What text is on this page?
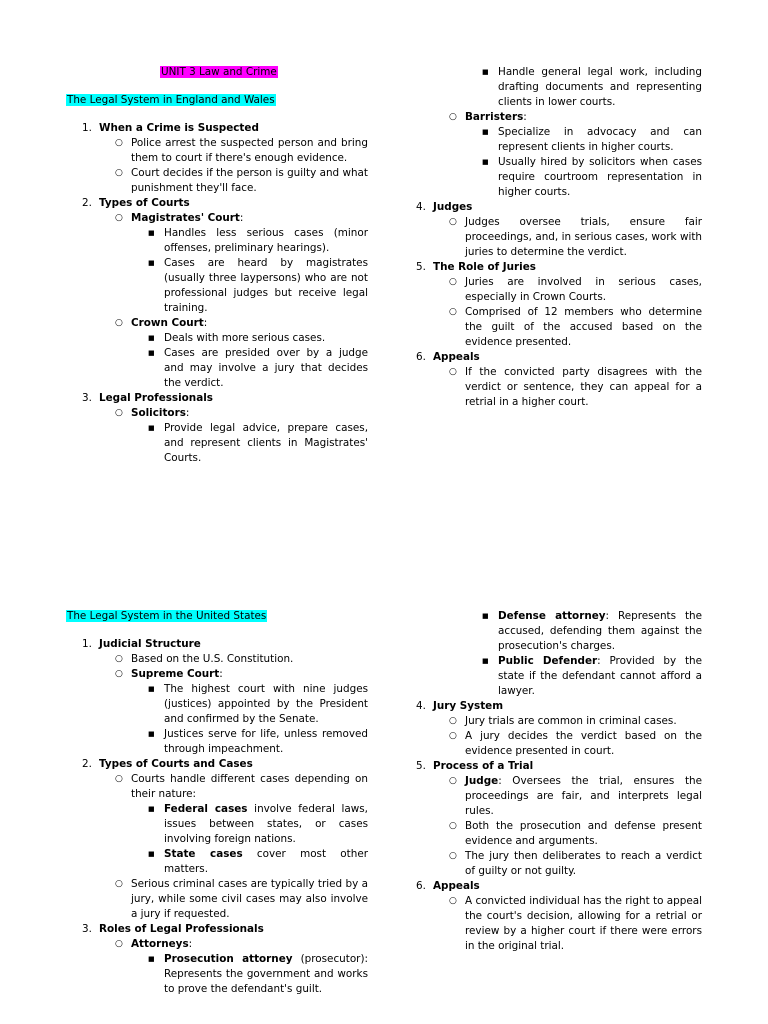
UNIT 3 Law and Crime
The Legal System in England and Wales
1. When a Crime is Suspected
○ Police arrest the suspected person and bring them to court if there's enough evidence.
○ Court decides if the person is guilty and what punishment they'll face.
2. Types of Courts
○ Magistrates' Court:
■ Handles less serious cases (minor offenses, preliminary hearings).
■ Cases are heard by magistrates (usually three laypersons) who are not professional judges but receive legal training.
○ Crown Court:
■ Deals with more serious cases.
■ Cases are presided over by a judge and may involve a jury that decides the verdict.
3. Legal Professionals
○ Solicitors:
■ Provide legal advice, prepare cases, and represent clients in Magistrates' Courts.
■ Handle general legal work, including drafting documents and representing clients in lower courts.
○ Barristers:
■ Specialize in advocacy and can represent clients in higher courts.
■ Usually hired by solicitors when cases require courtroom representation in higher courts.
4. Judges
○ Judges oversee trials, ensure fair proceedings, and, in serious cases, work with juries to determine the verdict.
5. The Role of Juries
○ Juries are involved in serious cases, especially in Crown Courts.
○ Comprised of 12 members who determine the guilt of the accused based on the evidence presented.
6. Appeals
○ If the convicted party disagrees with the verdict or sentence, they can appeal for a retrial in a higher court.
The Legal System in the United States
1. Judicial Structure
○ Based on the U.S. Constitution.
○ Supreme Court:
■ The highest court with nine judges (justices) appointed by the President and confirmed by the Senate.
■ Justices serve for life, unless removed through impeachment.
2. Types of Courts and Cases
○ Courts handle different cases depending on their nature:
■ Federal cases involve federal laws, issues between states, or cases involving foreign nations.
■ State cases cover most other matters.
○ Serious criminal cases are typically tried by a jury, while some civil cases may also involve a jury if requested.
3. Roles of Legal Professionals
○ Attorneys:
■ Prosecution attorney (prosecutor): Represents the government and works to prove the defendant's guilt.
■ Defense attorney: Represents the accused, defending them against the prosecution's charges.
■ Public Defender: Provided by the state if the defendant cannot afford a lawyer.
4. Jury System
○ Jury trials are common in criminal cases.
○ A jury decides the verdict based on the evidence presented in court.
5. Process of a Trial
○ Judge: Oversees the trial, ensures the proceedings are fair, and interprets legal rules.
○ Both the prosecution and defense present evidence and arguments.
○ The jury then deliberates to reach a verdict of guilty or not guilty.
6. Appeals
○ A convicted individual has the right to appeal the court's decision, allowing for a retrial or review by a higher court if there were errors in the original trial.
